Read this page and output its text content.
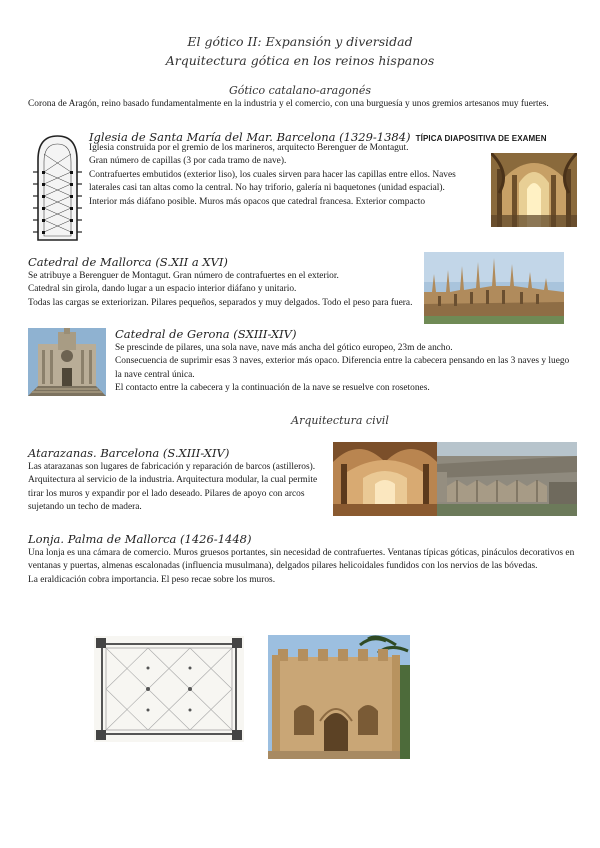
El gótico II: Expansión y diversidad
Arquitectura gótica en los reinos hispanos
Gótico catalano-aragonés
Corona de Aragón, reino basado fundamentalmente en la industria y el comercio, con una burguesía y unos gremios artesanos muy fuertes.
Iglesia de Santa María del Mar. Barcelona (1329-1384) TÍPICA DIAPOSITIVA DE EXAMEN

Iglesia construida por el gremio de los marineros, arquitecto Berenguer de Montagut.

Gran número de capillas (3 por cada tramo de nave).

Contrafuertes embutidos (exterior liso), los cuales sirven para hacer las capillas entre ellos. Naves laterales casi tan altas como la central. No hay triforio, galería ni baquetones (unidad espacial).

Interior más diáfano posible. Muros más opacos que catedral francesa. Exterior compacto

Catedral de Mallorca (S.XII a XVI)

Se atribuye a Berenguer de Montagut. Gran número de contrafuertes en el exterior.

Catedral sin girola, dando lugar a un espacio interior diáfano y unitario.

Todas las cargas se exteriorizan. Pilares pequeños, separados y muy delgados. Todo el peso para fuera.

Catedral de Gerona (SXIII-XIV)

Se prescinde de pilares, una sola nave, nave más ancha del gótico europeo, 23m de ancho.

Consecuencia de suprimir esas 3 naves, exterior más opaco. Diferencia entre la cabecera pensando en las 3 naves y luego la nave central única.

El contacto entre la cabecera y la continuación de la nave se resuelve con rosetones.

Arquitectura civil
Atarazanas. Barcelona (S.XIII-XIV)
Las atarazanas son lugares de fabricación y reparación de barcos (astilleros). Arquitectura al servicio de la industria. Arquitectura modular, la cual permite tirar los muros y expandir por el lado deseado. Pilares de apoyo con arcos sujetando un techo de madera.
Lonja. Palma de Mallorca (1426-1448)

Una lonja es una cámara de comercio. Muros gruesos portantes, sin necesidad de contrafuertes. Ventanas típicas góticas, pináculos decorativos en ventanas y puertas, almenas escalonadas (influencia musulmana), delgados pilares helicoidales fundidos con los nervios de las bóvedas.

La eraldicación cobra importancia. El peso recae sobre los muros.
